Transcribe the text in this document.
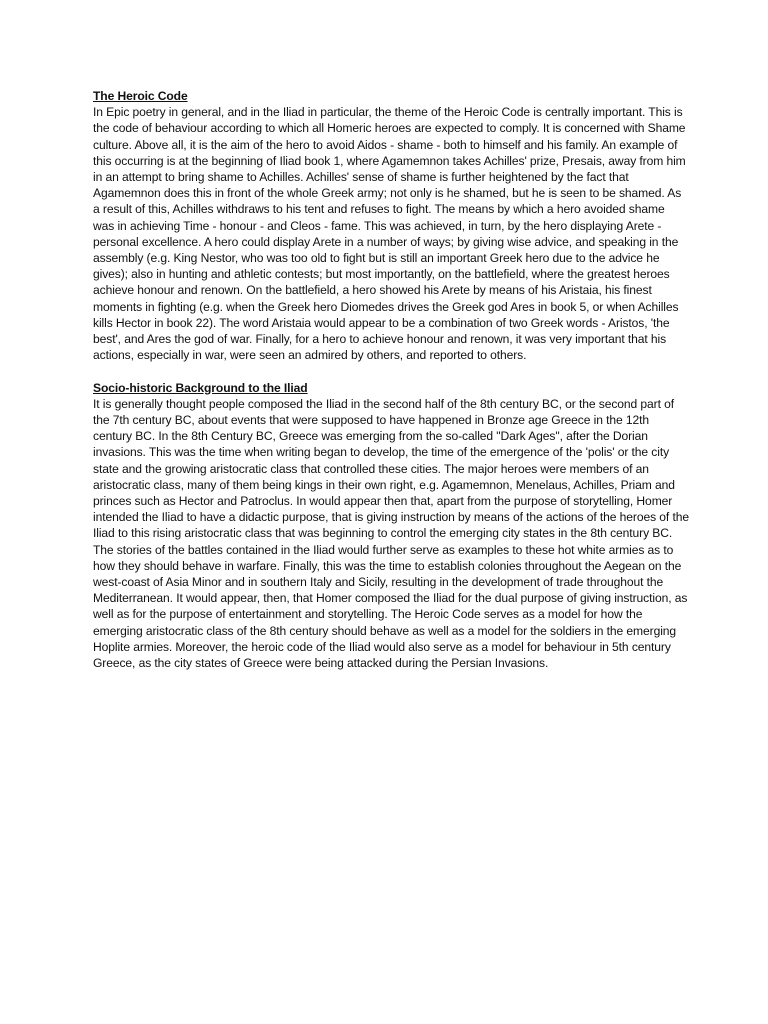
The Heroic Code

In Epic poetry in general, and in the Iliad in particular, the theme of the Heroic Code is centrally important. This is the code of behaviour according to which all Homeric heroes are expected to comply. It is concerned with Shame culture. Above all, it is the aim of the hero to avoid Aidos - shame - both to himself and his family. An example of this occurring is at the beginning of Iliad book 1, where Agamemnon takes Achilles' prize, Presais, away from him in an attempt to bring shame to Achilles. Achilles' sense of shame is further heightened by the fact that Agamemnon does this in front of the whole Greek army; not only is he shamed, but he is seen to be shamed. As a result of this, Achilles withdraws to his tent and refuses to fight. The means by which a hero avoided shame was in achieving Time - honour - and Cleos - fame. This was achieved, in turn, by the hero displaying Arete - personal excellence. A hero could display Arete in a number of ways; by giving wise advice, and speaking in the assembly (e.g. King Nestor, who was too old to fight but is still an important Greek hero due to the advice he gives); also in hunting and athletic contests; but most importantly, on the battlefield, where the greatest heroes achieve honour and renown. On the battlefield, a hero showed his Arete by means of his Aristaia, his finest moments in fighting (e.g. when the Greek hero Diomedes drives the Greek god Ares in book 5, or when Achilles kills Hector in book 22). The word Aristaia would appear to be a combination of two Greek words - Aristos, 'the best', and Ares the god of war. Finally, for a hero to achieve honour and renown, it was very important that his actions, especially in war, were seen an admired by others, and reported to others.

Socio-historic Background to the Iliad

It is generally thought people composed the Iliad in the second half of the 8th century BC, or the second part of the 7th century BC, about events that were supposed to have happened in Bronze age Greece in the 12th century BC. In the 8th Century BC, Greece was emerging from the so-called "Dark Ages", after the Dorian invasions. This was the time when writing began to develop, the time of the emergence of the 'polis' or the city state and the growing aristocratic class that controlled these cities. The major heroes were members of an aristocratic class, many of them being kings in their own right, e.g. Agamemnon, Menelaus, Achilles, Priam and princes such as Hector and Patroclus. In would appear then that, apart from the purpose of storytelling, Homer intended the Iliad to have a didactic purpose, that is giving instruction by means of the actions of the heroes of the Iliad to this rising aristocratic class that was beginning to control the emerging city states in the 8th century BC. The stories of the battles contained in the Iliad would further serve as examples to these hot white armies as to how they should behave in warfare. Finally, this was the time to establish colonies throughout the Aegean on the west-coast of Asia Minor and in southern Italy and Sicily, resulting in the development of trade throughout the Mediterranean. It would appear, then, that Homer composed the Iliad for the dual purpose of giving instruction, as well as for the purpose of entertainment and storytelling. The Heroic Code serves as a model for how the emerging aristocratic class of the 8th century should behave as well as a model for the soldiers in the emerging Hoplite armies. Moreover, the heroic code of the Iliad would also serve as a model for behaviour in 5th century Greece, as the city states of Greece were being attacked during the Persian Invasions.
